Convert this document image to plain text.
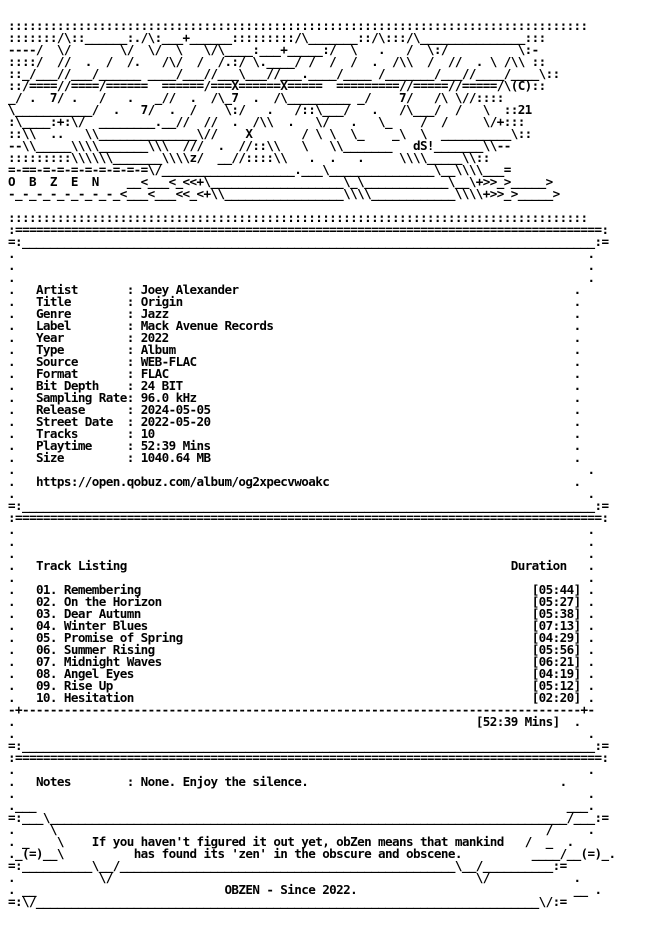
:::::::::::::::::::::::::::::::::::::::::::::::::::::::::::::::::::::::::::::::::::
:::::::/\::______:./\:___+______:::::::::/\_______::/\:::/\_______________:::
----/  \/       \/  \/  \   \/\____:___+_____:/  \   .   /  \:/          \:-
::::/  //  .  /  /.   /\/  /  /.:/ \.____/ /  /  /  .  /\\  /  //  . \ /\\ ::
::_/___//___/______ ____/___//___\___//___.____/____ /_______/___//____/____\::
::/====//====/======  ======/===X======X=====  =========//=====//=====/\(C)::
_/ .  7/ .   /   .   _//  .  /\_7  .  /\_________ _/    7/   /\ \//::::
\___________/  .   7/  .  /    \:/   .   /::\___/   .   /\___/  /   \  ::21
:\____:+:\/  ________.__//  //  .  /\\  .   \/   .   \_    /  /     \/+:::
::\\  ..   \\______________\//    X       / \ \  \_    _\  \  __________\::
--\\_____\\\\_______\\\  ///  .  //::\\   \   \\_______   dS!_______\\--
:::::::::\\\\\\_______\\\\z/  __//::::\\   .  .   .     \\\\_____\\::
=-==-=-=-=-=-=-=-=-=\/___________________.___\_______________\__\\\\___=
O  B  Z  E  N    __<___<_<<+\___________________\_\____________\__\+>>_>_____>
-_-_-_-_-_-_-_-_<___<___<<_<+\\_________________\\\\____________\\\\+>>_>_____>

:::::::::::::::::::::::::::::::::::::::::::::::::::::::::::::::::::::::::::::::::::
:====================================================================================:
=:__________________________________________________________________________________:=
.                                                                                  .
.                                                                                  .
.                                                                                  .
.   Artist       : Joey Alexander                                                .
.   Title        : Origin                                                        .
.   Genre        : Jazz                                                          .
.   Label        : Mack Avenue Records                                           .
.   Year         : 2022                                                          .
.   Type         : Album                                                         .
.   Source       : WEB-FLAC                                                      .
.   Format       : FLAC                                                          .
.   Bit Depth    : 24 BIT                                                        .
.   Sampling Rate: 96.0 kHz                                                      .
.   Release      : 2024-05-05                                                    .
.   Street Date  : 2022-05-20                                                    .
.   Tracks       : 10                                                            .
.   Playtime     : 52:39 Mins                                                    .
.   Size         : 1040.64 MB                                                    .
.                                                                                  .
.   https://open.qobuz.com/album/og2xpecvwoakc                                   .
.                                                                                  .
=:__________________________________________________________________________________:=
:====================================================================================:
.                                                                                  .
.                                                                                  .
.                                                                                  .
.   Track Listing	Duration   .
.                                                                                  .
.   01. Remembering                                                        [05:44] .
.   02. On the Horizon                                                     [05:27] .
.   03. Dear Autumn                                                        [05:38] .
.   04. Winter Blues                                                       [07:13] .
.   05. Promise of Spring                                                  [04:29] .
.   06. Summer Rising                                                      [05:56] .
.   07. Midnight Waves                                                     [06:21] .
.   08. Angel Eyes                                                         [04:19] .
.   09. Rise Up                                                            [05:12] .
.   10. Hesitation                                                         [02:20] .
-+--------------------------------------------------------------------------------+-
.                                                                  [52:39 Mins]  .
.                                                                                  .
=:__________________________________________________________________________________:=
:====================================================================================:
.                                                                                  .
.   Notes	: None. Enjoy the silence.                                    .
.                                                                                  .
.___                                                                            ___.
=:___\__________________________________________________________________________/___:=
.     \                                                                      /     .
. _    \    If you haven't figured it out yet, obZen means that mankind   /  _  .
._(=)__\          has found its 'zen' in the obscure and obscene.          ____/__(=)_.
=:__________\__/________________________________________________\__/__________:=
.            \/                                                    \/            .
. __                           OBZEN - Since 2022.                               __ .
=:\/________________________________________________________________________\/:=
